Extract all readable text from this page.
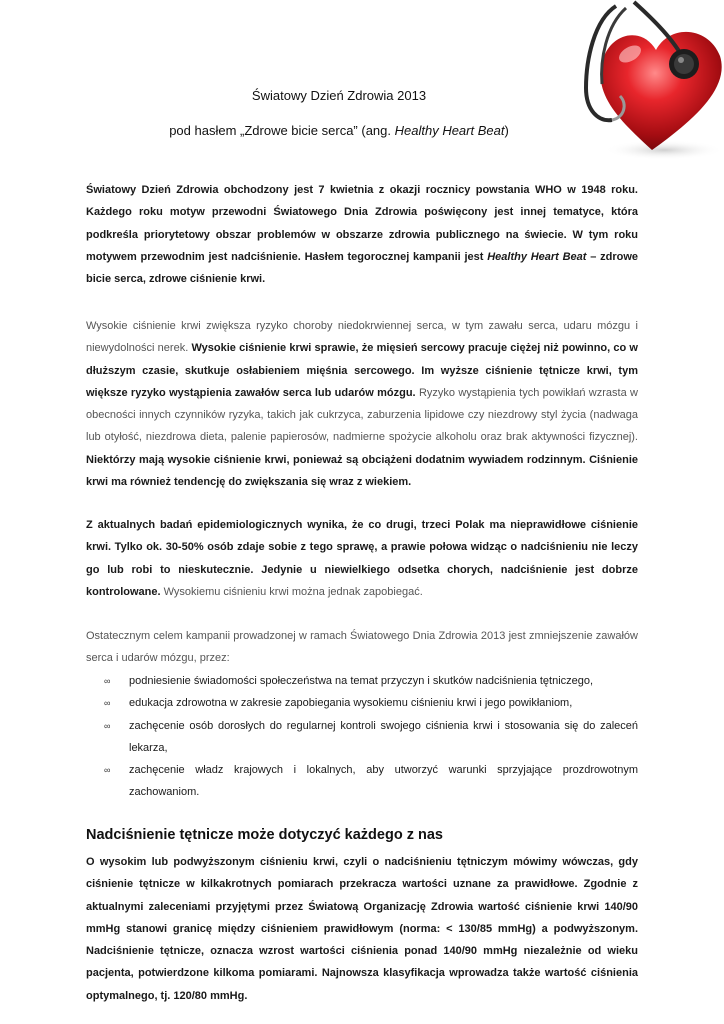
Światowy Dzień Zdrowia 2013
pod hasłem „Zdrowe bicie serca” (ang. Healthy Heart Beat)

Światowy Dzień Zdrowia obchodzony jest 7 kwietnia z okazji rocznicy powstania WHO w 1948 roku. Każdego roku motyw przewodni Światowego Dnia Zdrowia poświęcony jest innej tematyce, która podkreśla priorytetowy obszar problemów w obszarze zdrowia publicznego na świecie. W tym roku motywem przewodnim jest nadciśnienie. Hasłem tegorocznej kampanii jest Healthy Heart Beat – zdrowe bicie serca, zdrowe ciśnienie krwi.

Wysokie ciśnienie krwi zwiększa ryzyko choroby niedokrwiennej serca, w tym zawału serca, udaru mózgu i niewydolności nerek. Wysokie ciśnienie krwi sprawie, że mięsień sercowy pracuje ciężej niż powinno, co w dłuższym czasie, skutkuje osłabieniem mięśnia sercowego. Im wyższe ciśnienie tętnicze krwi, tym większe ryzyko wystąpienia zawałów serca lub udarów mózgu. Ryzyko wystąpienia tych powikłań wzrasta w obecności innych czynników ryzyka, takich jak cukrzyca, zaburzenia lipidowe czy niezdrowy styl życia (nadwaga lub otyłość, niezdrowa dieta, palenie papierosów, nadmierne spożycie alkoholu oraz brak aktywności fizycznej). Niektórzy mają wysokie ciśnienie krwi, ponieważ są obciążeni dodatnim wywiadem rodzinnym. Ciśnienie krwi ma również tendencję do zwiększania się wraz z wiekiem.

Z aktualnych badań epidemiologicznych wynika, że co drugi, trzeci Polak ma nieprawidłowe ciśnienie krwi. Tylko ok. 30-50% osób zdaje sobie z tego sprawę, a prawie połowa widząc o nadciśnieniu nie leczy go lub robi to nieskutecznie. Jedynie u niewielkiego odsetka chorych, nadciśnienie jest dobrze kontrolowane. Wysokiemu ciśnieniu krwi można jednak zapobiegać.

Ostatecznym celem kampanii prowadzonej w ramach Światowego Dnia Zdrowia 2013 jest zmniejszenie zawałów serca i udarów mózgu, przez:

∞ podniesienie świadomości społeczeństwa na temat przyczyn i skutków nadciśnienia tętniczego,
∞ edukacja zdrowotna w zakresie zapobiegania wysokiemu ciśnieniu krwi i jego powikłaniom,
∞ zachęcenie osób dorosłych do regularnej kontroli swojego ciśnienia krwi i stosowania się do zaleceń lekarza,
∞ zachęcenie władz krajowych i lokalnych, aby utworzyć warunki sprzyjające prozdrowotnym zachowaniom.
Nadciśnienie tętnicze może dotyczyć każdego z nas

O wysokim lub podwyższonym ciśnieniu krwi, czyli o nadciśnieniu tętniczym mówimy wówczas, gdy ciśnienie tętnicze w kilkakrotnych pomiarach przekracza wartości uznane za prawidłowe. Zgodnie z aktualnymi zaleceniami przyjętymi przez Światową Organizację Zdrowia wartość ciśnienie krwi 140/90 mmHg stanowi granicę między ciśnieniem prawidłowym (norma: < 130/85 mmHg) a podwyższonym. Nadciśnienie tętnicze, oznacza wzrost wartości ciśnienia ponad 140/90 mmHg niezależnie od wieku pacjenta, potwierdzone kilkoma pomiarami. Najnowsza klasyfikacja wprowadza także wartość ciśnienia optymalnego, tj. 120/80 mmHg.
